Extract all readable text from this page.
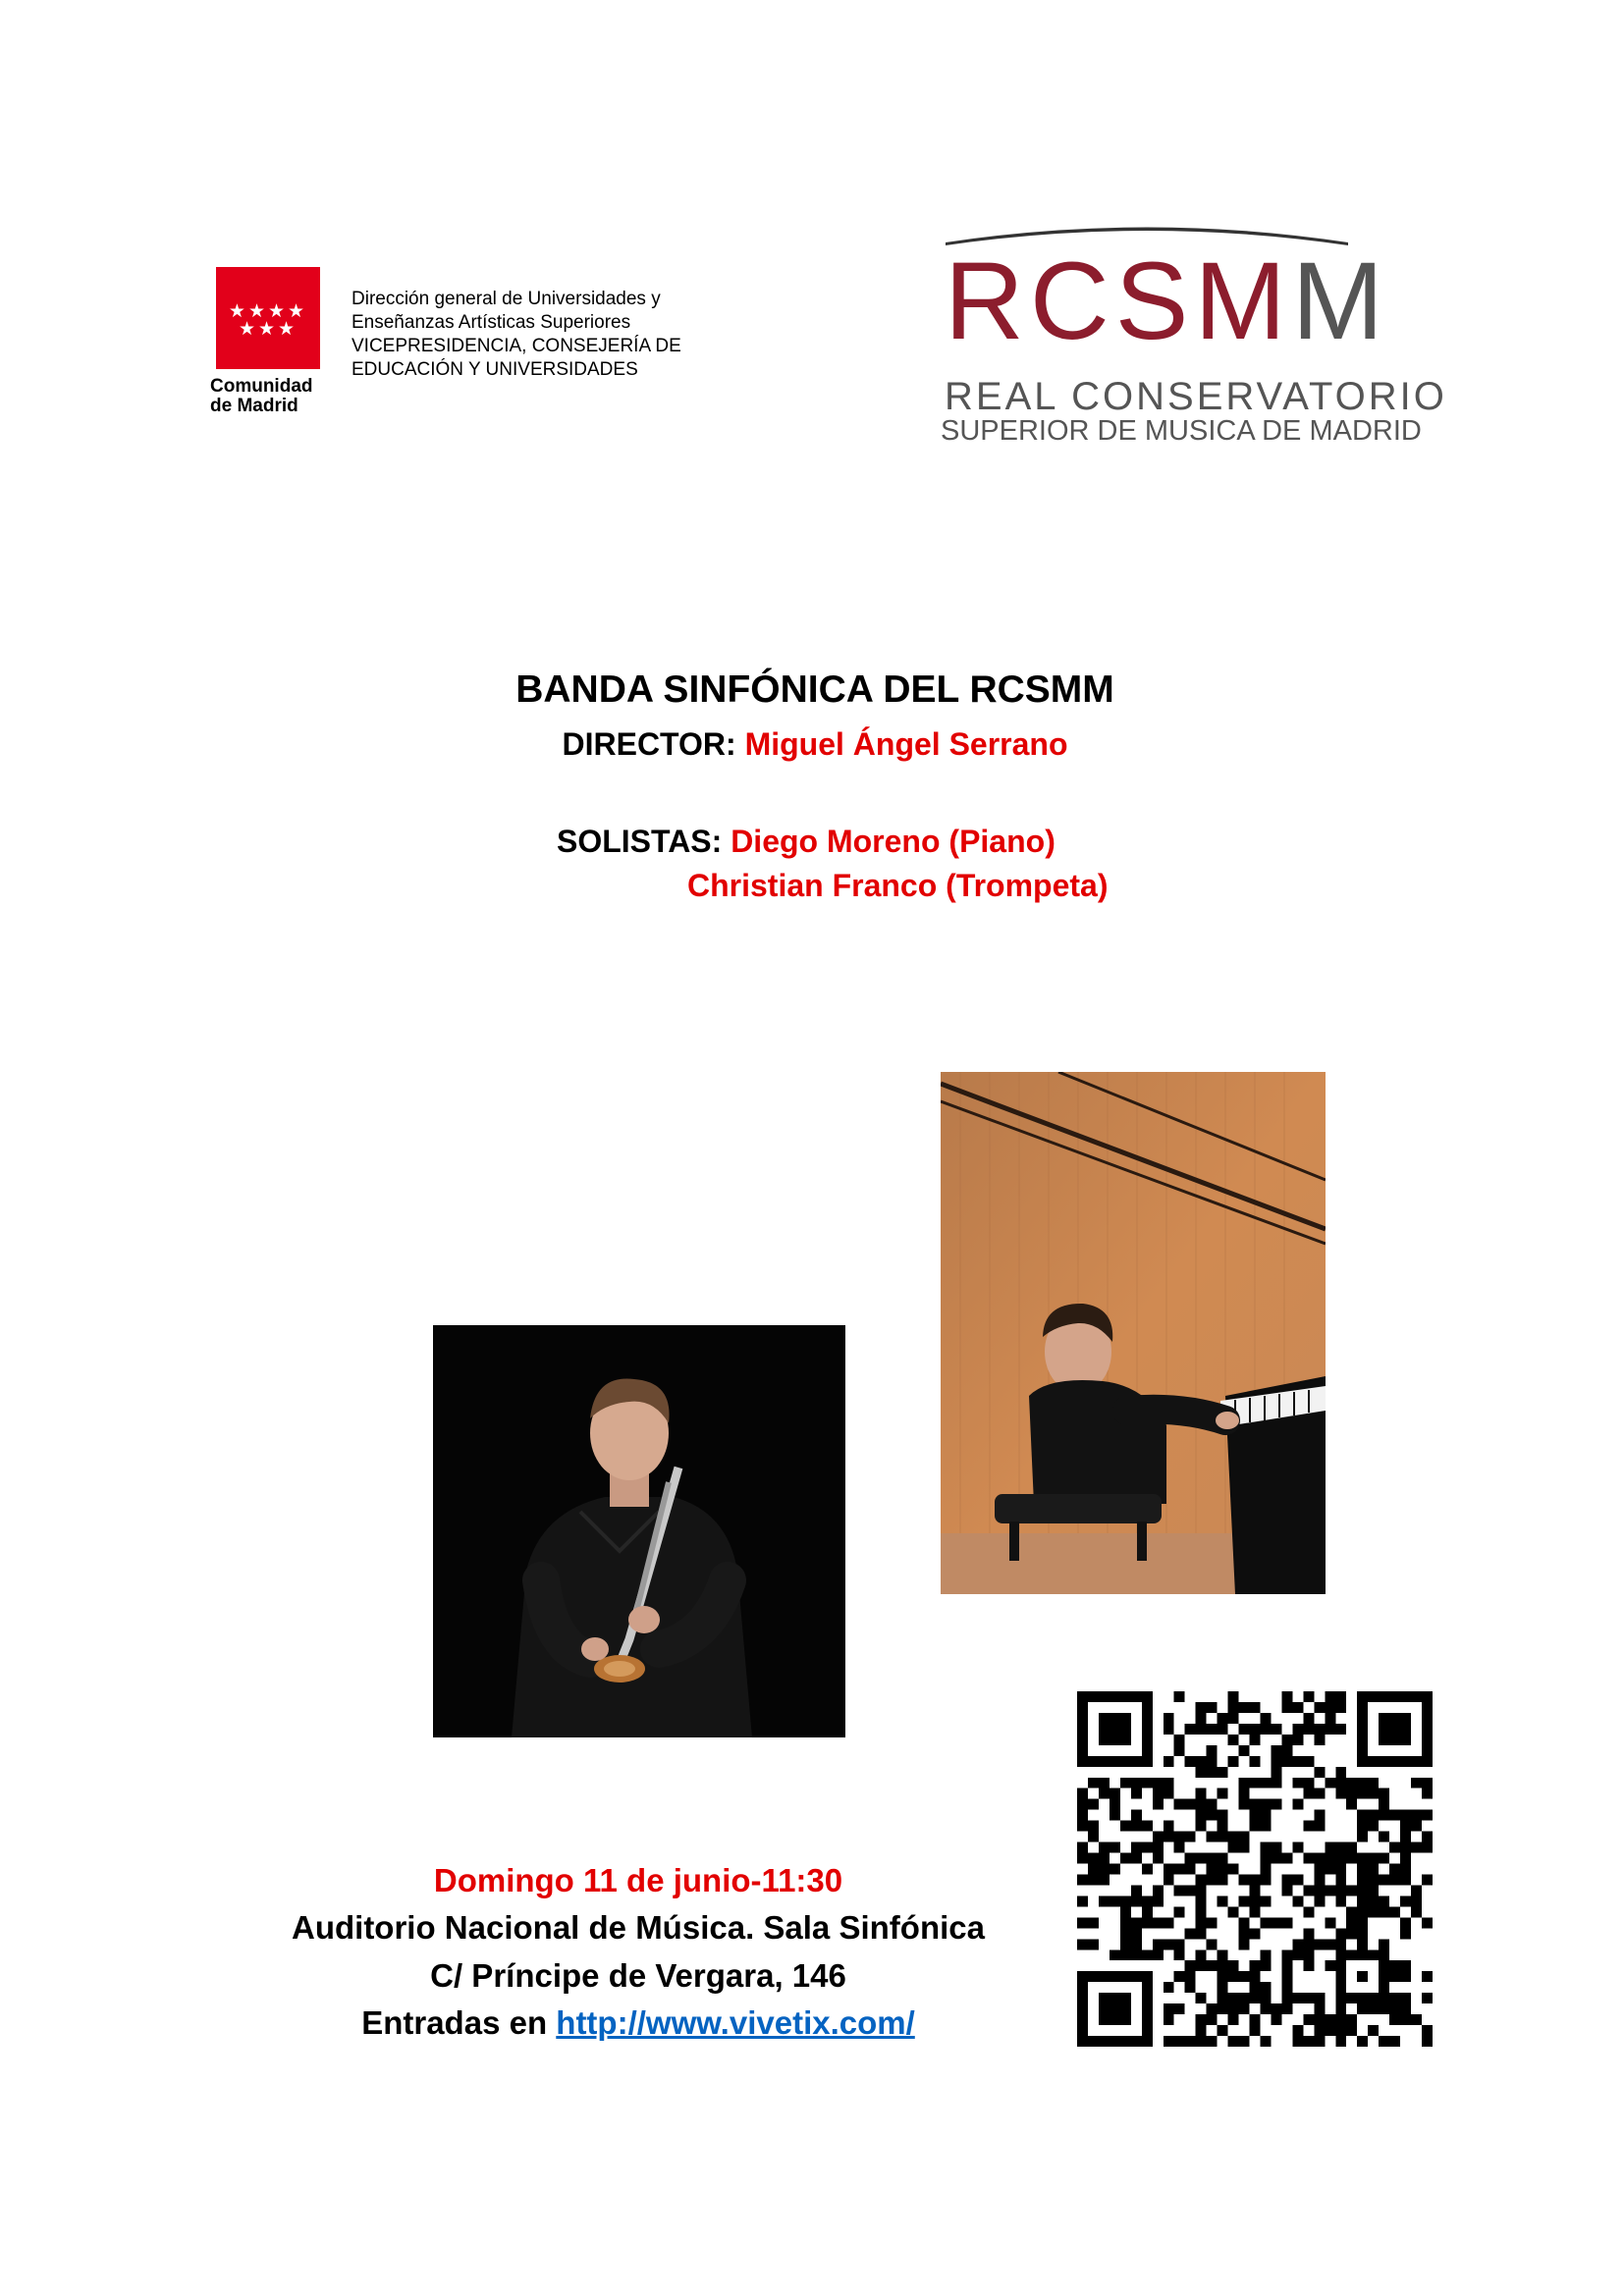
★★★★
★★★
Comunidad
de Madrid
Dirección general de Universidades y
Enseñanzas Artísticas Superiores
VICEPRESIDENCIA, CONSEJERÍA DE
EDUCACIÓN Y UNIVERSIDADES
RCSMM
REAL CONSERVATORIO
SUPERIOR DE MUSICA DE MADRID
BANDA SINFÓNICA DEL RCSMM
DIRECTOR: Miguel Ángel Serrano
SOLISTAS: Diego Moreno (Piano)
Christian Franco (Trompeta)
Domingo 11 de junio-11:30
Auditorio Nacional de Música. Sala Sinfónica
C/ Príncipe de Vergara, 146
Entradas en http://www.vivetix.com/
